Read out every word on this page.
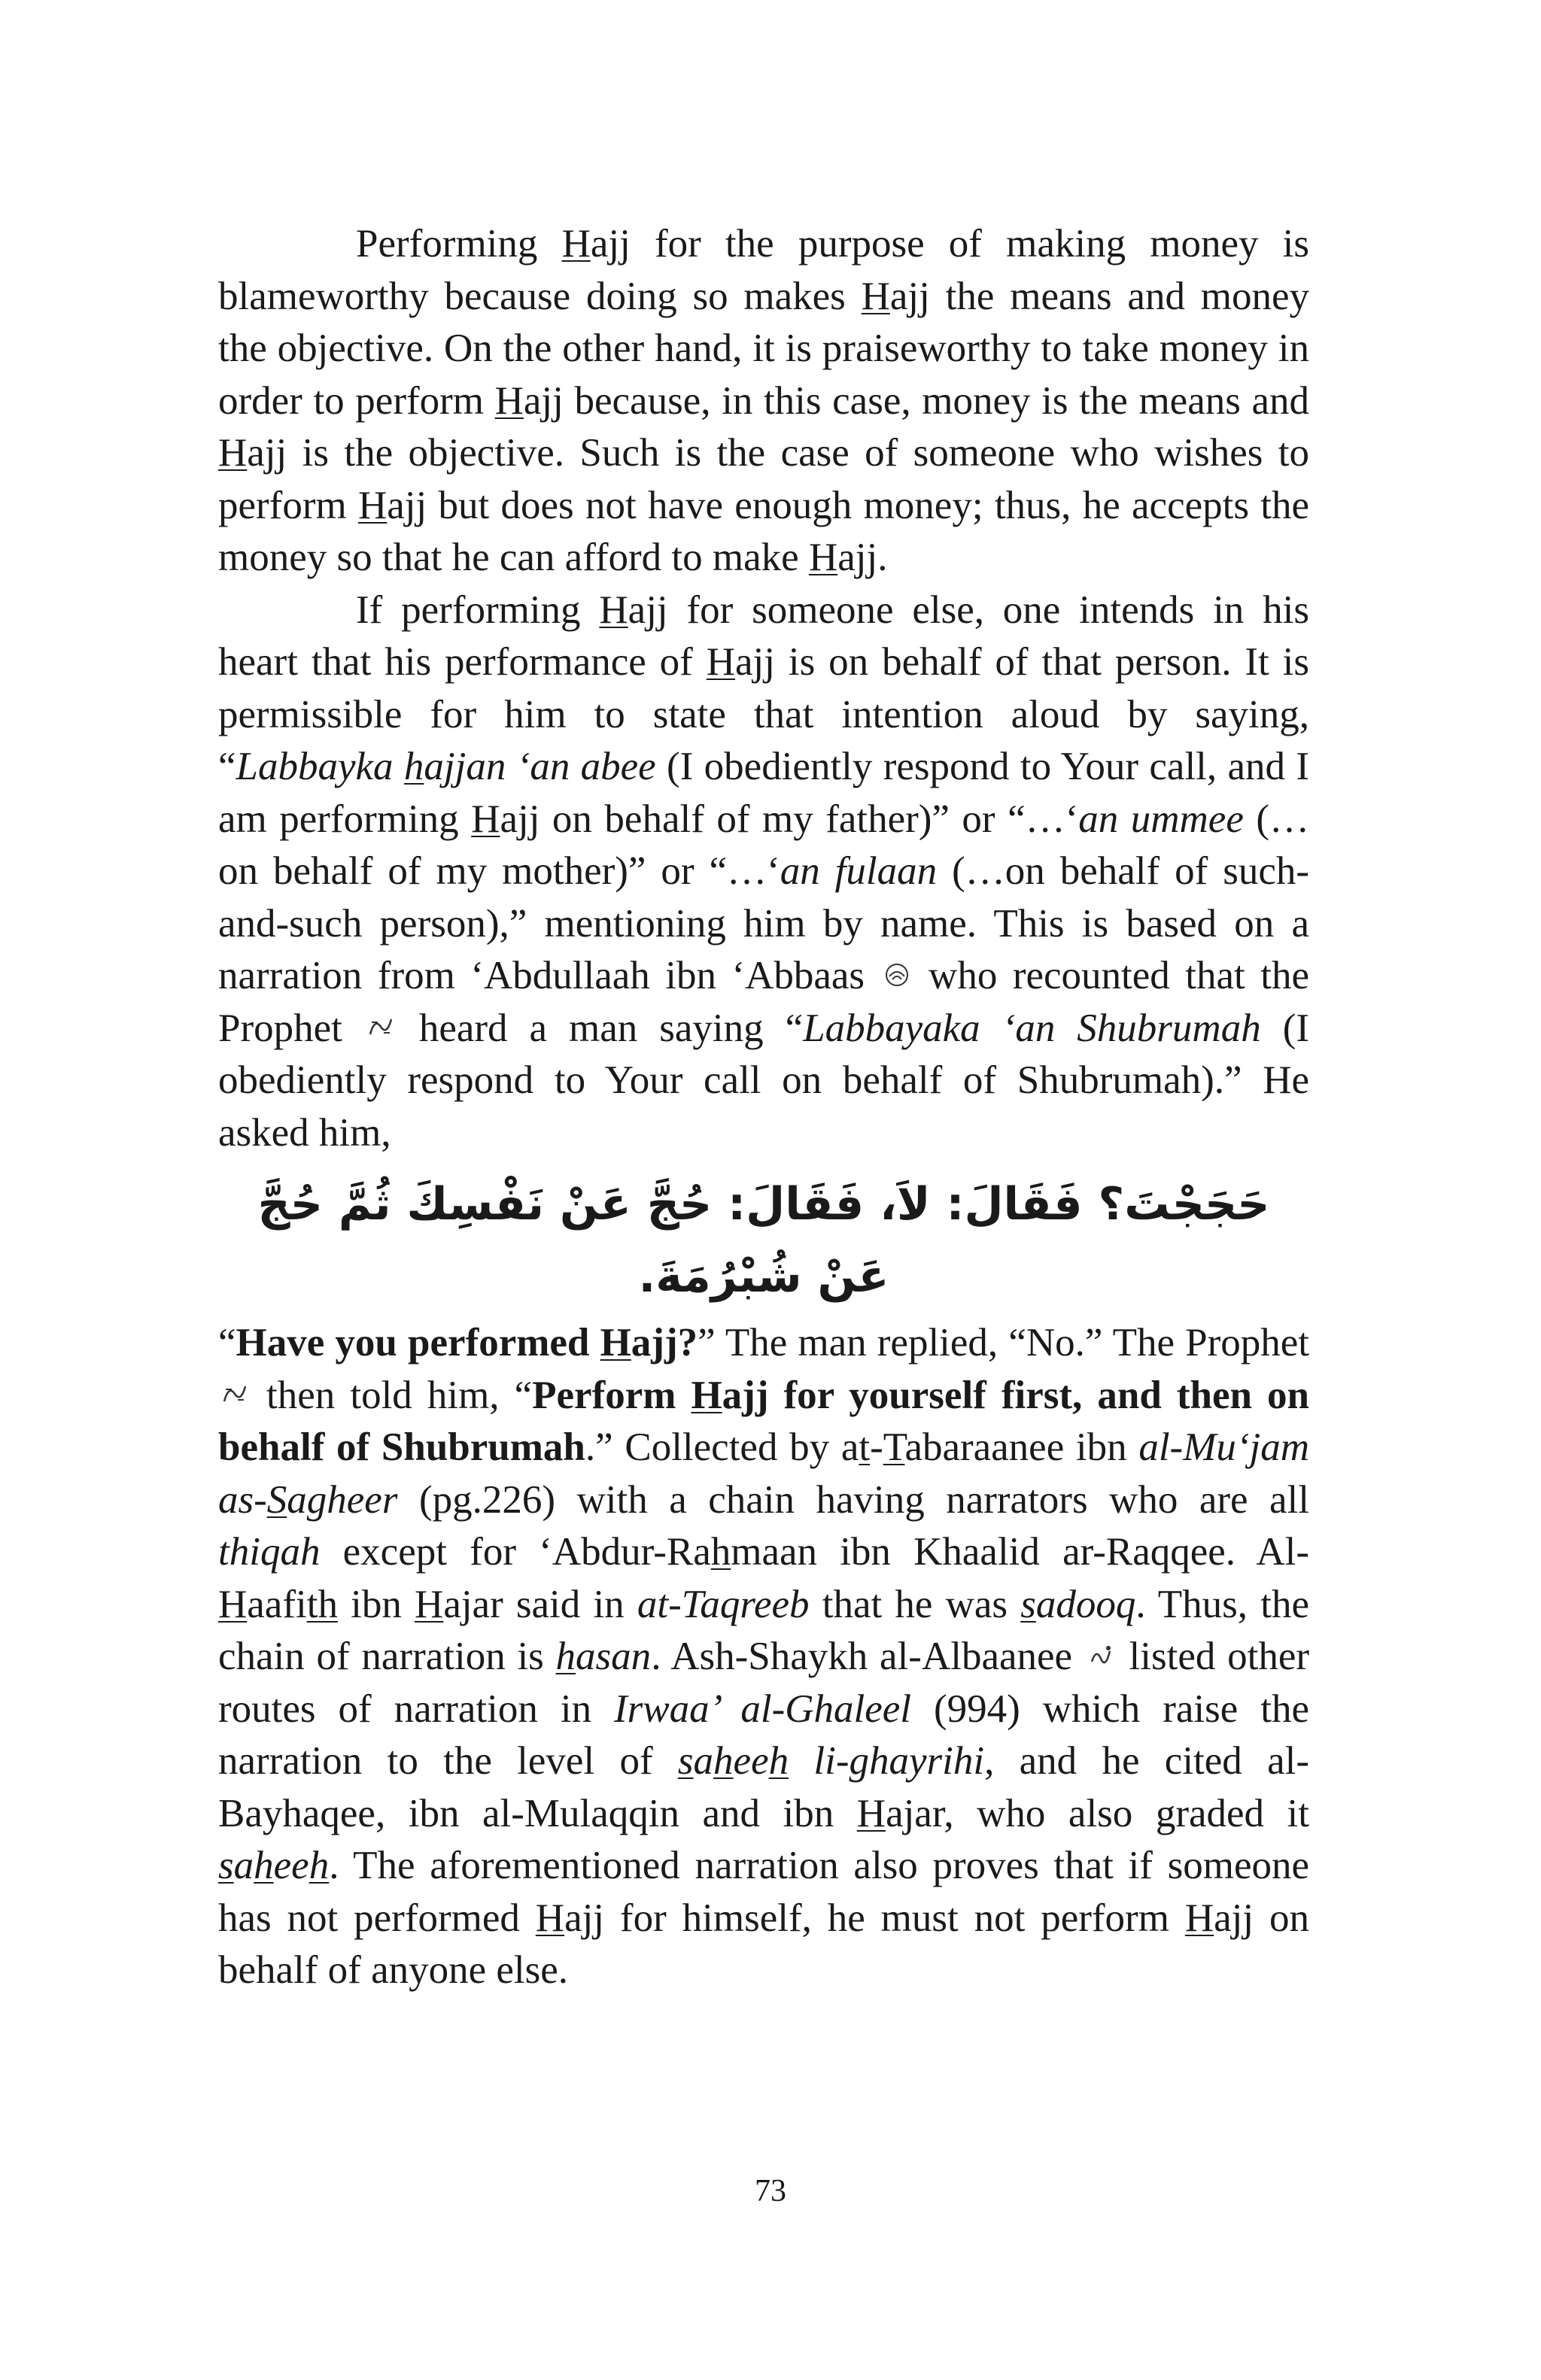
Performing Hajj for the purpose of making money is blameworthy because doing so makes Hajj the means and money the objective. On the other hand, it is praiseworthy to take money in order to perform Hajj because, in this case, money is the means and Hajj is the objective. Such is the case of someone who wishes to perform Hajj but does not have enough money; thus, he accepts the money so that he can afford to make Hajj.

If performing Hajj for someone else, one intends in his heart that his performance of Hajj is on behalf of that person. It is permissible for him to state that intention aloud by saying, “Labbayka hajjan ‘an abee (I obediently respond to Your call, and I am performing Hajj on behalf of my father)” or “…‘an ummee (…on behalf of my mother)” or “…‘an fulaan (…on behalf of such-and-such person),” mentioning him by name. This is based on a narration from ‘Abdullaah ibn ‘Abbaas
who recounted that the Prophet
heard a man saying “Labbayaka ‘an Shubrumah (I obediently respond to Your call on behalf of Shubrumah).” He asked him,

حَجَجْتَ؟ فَقَالَ: لاَ، فَقَالَ: حُجَّ عَنْ نَفْسِكَ ثُمَّ حُجَّ عَنْ شُبْرُمَةَ.

“Have you performed Hajj?” The man replied, “No.” The Prophet
then told him, “Perform Hajj for yourself first, and then on behalf of Shubrumah.” Collected by at-Tabaraanee ibn al-Mu‘jam as-Sagheer (pg.226) with a chain having narrators who are all thiqah except for ‘Abdur-Rahmaan ibn Khaalid ar-Raqqee. Al-Haafith ibn Hajar said in at-Taqreeb that he was sadooq. Thus, the chain of narration is hasan. Ash-Shaykh al-Albaanee
listed other routes of narration in Irwaa’ al-Ghaleel (994) which raise the narration to the level of saheeh li-ghayrihi, and he cited al-Bayhaqee, ibn al-Mulaqqin and ibn Hajar, who also graded it saheeh. The aforementioned narration also proves that if someone has not performed Hajj for himself, he must not perform Hajj on behalf of anyone else.

73
